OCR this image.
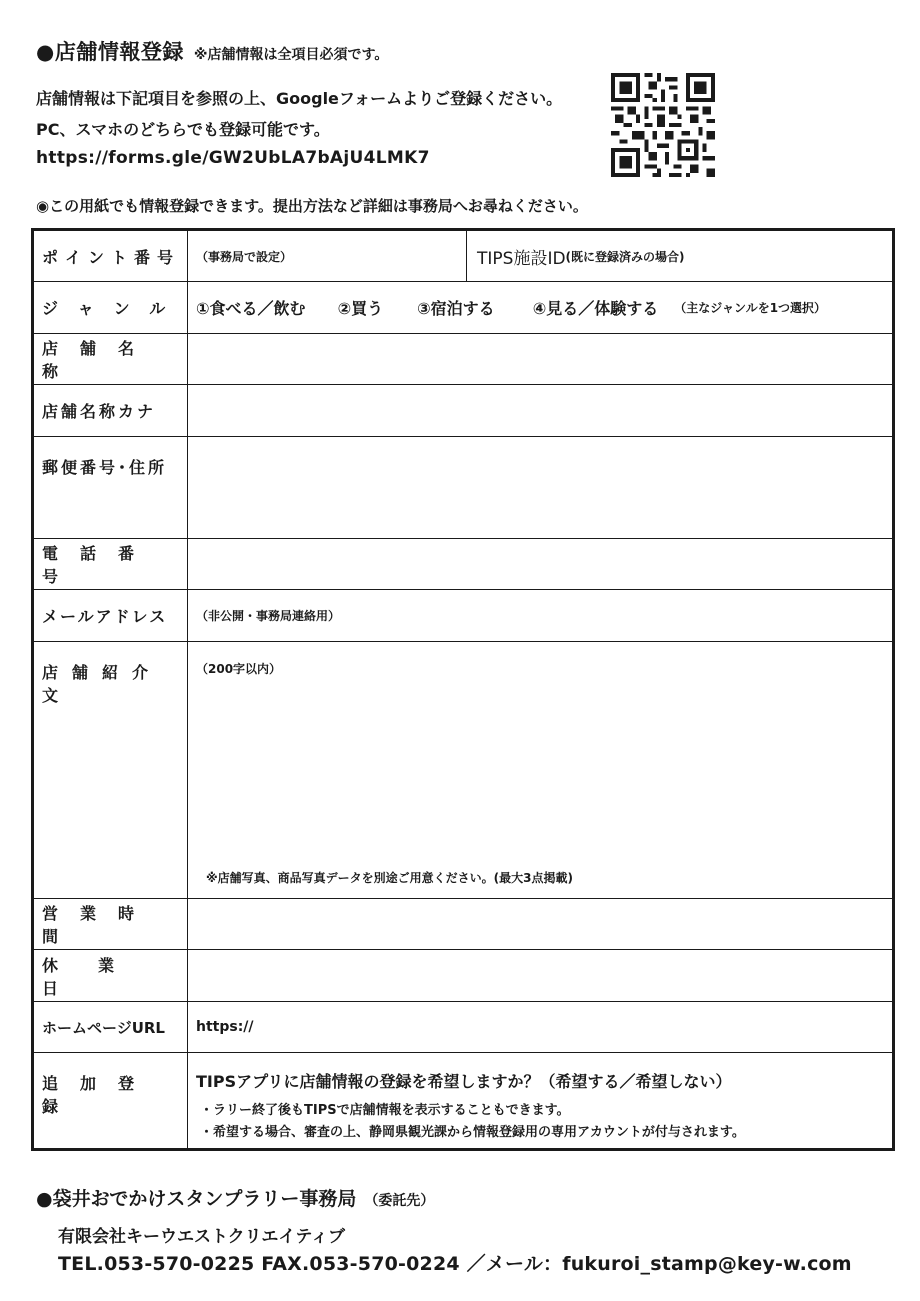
●店舗情報登録 ※店舗情報は全項目必須です。
店舗情報は下記項目を参照の上、Googleフォームよりご登録ください。
PC、スマホのどちらでも登録可能です。
https://forms.gle/GW2UbLA7bAjU4LMK7
◉この用紙でも情報登録できます。提出方法など詳細は事務局へお尋ねください。
ポイント番号 （事務局で設定）	TIPS施設ID (既に登録済みの場合)
ジャンル ①食べる／飲む ②買う ③宿泊する ④見る／体験する （主なジャンルを1つ選択）
店舗名称
店舗名称カナ
郵便番号･住所
電話番号
メールアドレス （非公開・事務局連絡用）
店舗紹介文
（200字以内）
※店舗写真、商品写真データを別途ご用意ください。(最大3点掲載)
営業時間
休業日
ホームページURL https://
追加登録
TIPSアプリに店舗情報の登録を希望しますか？（希望する／希望しない）
・ラリー終了後もTIPSで店舗情報を表示することもできます。
・希望する場合、審査の上、静岡県観光課から情報登録用の専用アカウントが付与されます。
●袋井おでかけスタンプラリー事務局 （委託先）
有限会社キーウエストクリエイティブ
TEL.053-570-0225 FAX.053-570-0224 ／メール：fukuroi_stamp@key-w.com
